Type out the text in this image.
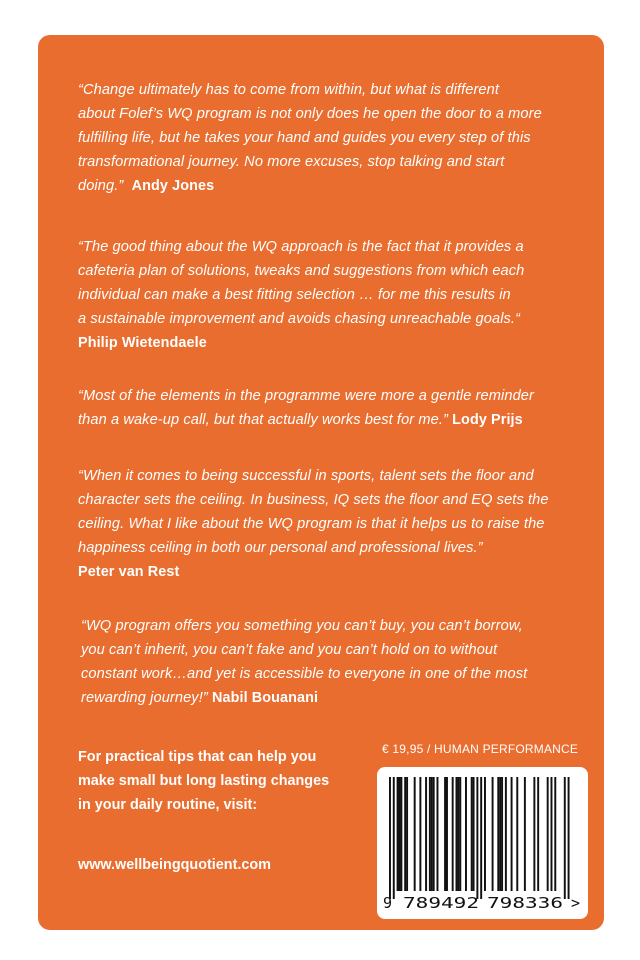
“Change ultimately has to come from within, but what is different
about Folef’s WQ program is not only does he open the door to a more
fulfilling life, but he takes your hand and guides you every step of this
transformational journey. No more excuses, stop talking and start
doing.” Andy Jones
“The good thing about the WQ approach is the fact that it provides a
cafeteria plan of solutions, tweaks and suggestions from which each
individual can make a best fitting selection … for me this results in
a sustainable improvement and avoids chasing unreachable goals.“
Philip Wietendaele
“Most of the elements in the programme were more a gentle reminder
than a wake-up call, but that actually works best for me.” Lody Prijs
“When it comes to being successful in sports, talent sets the floor and
character sets the ceiling. In business, IQ sets the floor and EQ sets the
ceiling. What I like about the WQ program is that it helps us to raise the
happiness ceiling in both our personal and professional lives.”
Peter van Rest
“WQ program offers you something you can’t buy, you can’t borrow,
you can’t inherit, you can’t fake and you can’t hold on to without
constant work…and yet is accessible to everyone in one of the most
rewarding journey!” Nabil Bouanani
For practical tips that can help you
make small but long lasting changes
in your daily routine, visit:
www.wellbeingquotient.com
€ 19,95 / HUMAN PERFORMANCE
9 789492 798336 >
